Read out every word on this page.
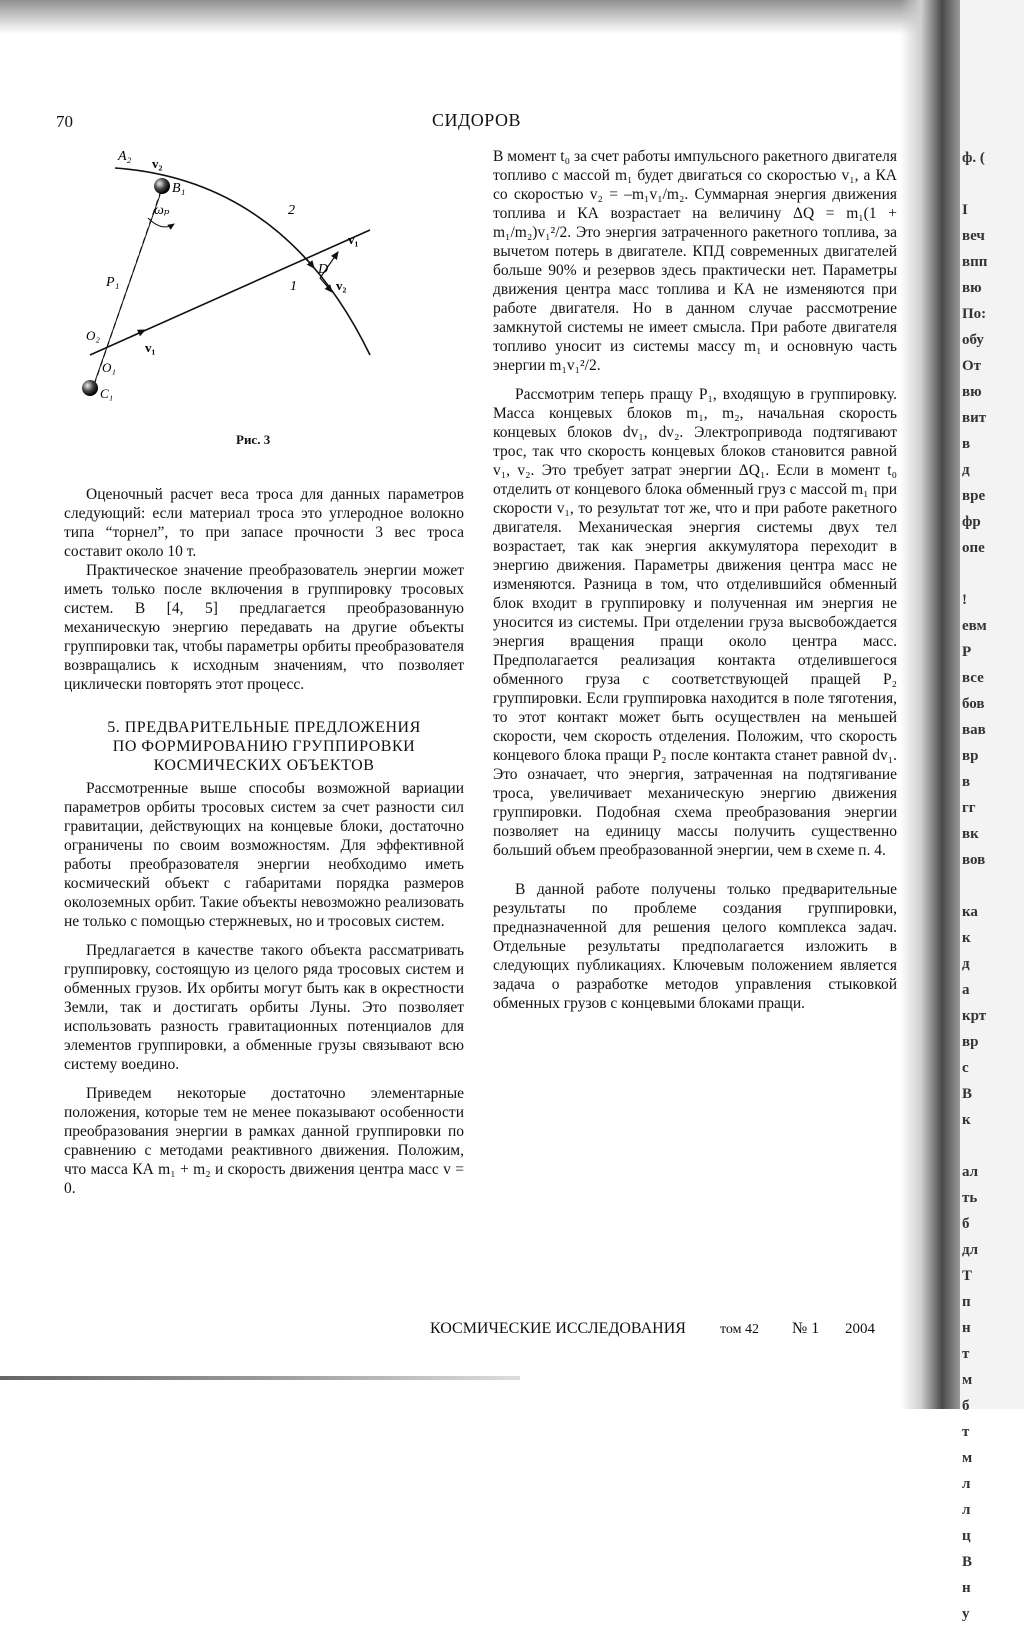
ф. (

I
веч
впп
вю
По:
обу
От
вю
вит
в
д
вре
фр
опе

!
евм
P
все
бов
вав
вр
в
гг
вк
вов

ка
к
д
а
крт
вр
с
В
к

ал
ть
б
дл
Т
п
н
т
м
б
т
м
л
л
ц
В
н
у
70	СИДОРОВ
A₂ v₂
B₁
ωₚ	2
v₁
D
v₂
1
P₁
O₂
O₁
v₁
C₁
Рис. 3

Оценочный расчет веса троса для данных параметров следующий: если материал троса это углеродное волокно типа “торнел”, то при запасе прочности 3 вес троса составит около 10 т.

Практическое значение преобразователь энергии может иметь только после включения в группировку тросовых систем. В [4, 5] предлагается преобразованную механическую энергию передавать на другие объекты группировки так, чтобы параметры орбиты преобразователя возвращались к исходным значениям, что позволяет циклически повторять этот процесс.

5. ПРЕДВАРИТЕЛЬНЫЕ ПРЕДЛОЖЕНИЯ
ПО ФОРМИРОВАНИЮ ГРУППИРОВКИ
КОСМИЧЕСКИХ ОБЪЕКТОВ

Рассмотренные выше способы возможной вариации параметров орбиты тросовых систем за счет разности сил гравитации, действующих на концевые блоки, достаточно ограничены по своим возможностям. Для эффективной работы преобразователя энергии необходимо иметь космический объект с габаритами порядка размеров околоземных орбит. Такие объекты невозможно реализовать не только с помощью стержневых, но и тросовых систем.

Предлагается в качестве такого объекта рассматривать группировку, состоящую из целого ряда тросовых систем и обменных грузов. Их орбиты могут быть как в окрестности Земли, так и достигать орбиты Луны. Это позволяет использовать разность гравитационных потенциалов для элементов группировки, а обменные грузы связывают всю систему воедино.

Приведем некоторые достаточно элементарные положения, которые тем не менее показывают особенности преобразования энергии в рамках данной группировки по сравнению с методами реактивного движения. Положим, что масса КА m₁ + m₂ и скорость движения центра масс v = 0.

В момент t₀ за счет работы импульсного ракетного двигателя топливо с массой m₁ будет двигаться со скоростью v₁, а КА со скоростью v₂ = –m₁v₁/m₂. Суммарная энергия движения топлива и КА возрастает на величину ΔQ = m₁(1 + m₁/m₂)v₁²/2. Это энергия затраченного ракетного топлива, за вычетом потерь в двигателе. КПД современных двигателей больше 90% и резервов здесь практически нет. Параметры движения центра масс топлива и КА не изменяются при работе двигателя. Но в данном случае рассмотрение замкнутой системы не имеет смысла. При работе двигателя топливо уносит из системы массу m₁ и основную часть энергии m₁v₁²/2.

Рассмотрим теперь пращу P₁, входящую в группировку. Масса концевых блоков m₁, m₂, начальная скорость концевых блоков dv₁, dv₂. Электропривода подтягивают трос, так что скорость концевых блоков становится равной v₁, v₂. Это требует затрат энергии ΔQ₁. Если в момент t₀ отделить от концевого блока обменный груз с массой m₁ при скорости v₁, то результат тот же, что и при работе ракетного двигателя. Механическая энергия системы двух тел возрастает, так как энергия аккумулятора переходит в энергию движения. Параметры движения центра масс не изменяются. Разница в том, что отделившийся обменный блок входит в группировку и полученная им энергия не уносится из системы. При отделении груза высвобождается энергия вращения пращи около центра масс. Предполагается реализация контакта отделившегося обменного груза с соответствующей пращей P₂ группировки. Если группировка находится в поле тяготения, то этот контакт может быть осуществлен на меньшей скорости, чем скорость отделения. Положим, что скорость концевого блока пращи P₂ после контакта станет равной dv₁. Это означает, что энергия, затраченная на подтягивание троса, увеличивает механическую энергию движения группировки. Подобная схема преобразования энергии позволяет на единицу массы получить существенно больший объем преобразованной энергии, чем в схеме п. 4.

В данной работе получены только предварительные результаты по проблеме создания группировки, предназначенной для решения целого комплекса задач. Отдельные результаты предполагается изложить в следующих публикациях. Ключевым положением является задача о разработке методов управления стыковкой обменных грузов с концевыми блоками пращи.

КОСМИЧЕСКИЕ ИССЛЕДОВАНИЯ том 42 № 1 2004
